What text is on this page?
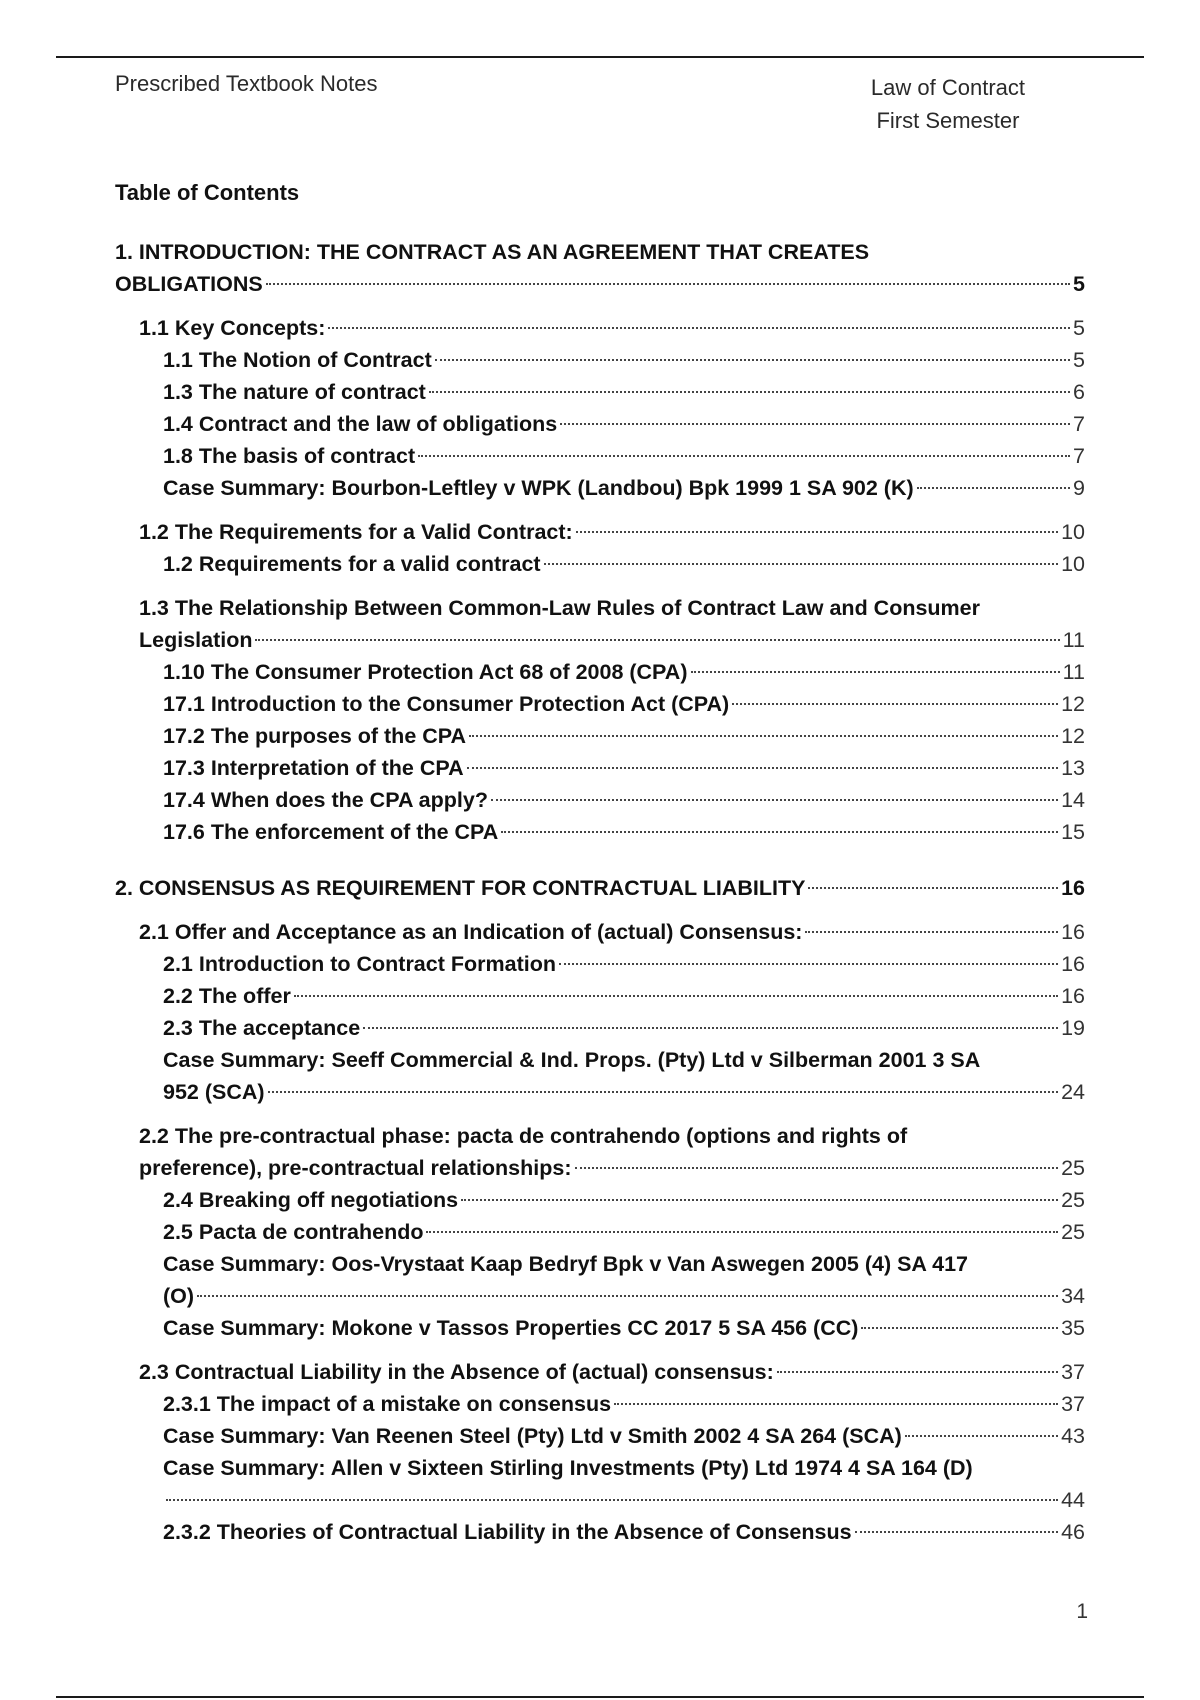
Prescribed Textbook Notes	Law of Contract
First Semester
Table of Contents
1. INTRODUCTION: THE CONTRACT AS AN AGREEMENT THAT CREATES
OBLIGATIONS	5
1.1 Key Concepts:	5
1.1 The Notion of Contract	5
1.3 The nature of contract	6
1.4 Contract and the law of obligations	7
1.8 The basis of contract	7
Case Summary: Bourbon-Leftley v WPK (Landbou) Bpk 1999 1 SA 902 (K)	9
1.2 The Requirements for a Valid Contract:	10
1.2 Requirements for a valid contract	10
1.3 The Relationship Between Common-Law Rules of Contract Law and Consumer
Legislation	11
1.10 The Consumer Protection Act 68 of 2008 (CPA)	11
17.1 Introduction to the Consumer Protection Act (CPA)	12
17.2 The purposes of the CPA	12
17.3 Interpretation of the CPA	13
17.4 When does the CPA apply?	14
17.6 The enforcement of the CPA	15
2. CONSENSUS AS REQUIREMENT FOR CONTRACTUAL LIABILITY	16
2.1 Offer and Acceptance as an Indication of (actual) Consensus:	16
2.1 Introduction to Contract Formation	16
2.2 The offer	16
2.3 The acceptance	19
Case Summary: Seeff Commercial & Ind. Props. (Pty) Ltd v Silberman 2001 3 SA
952 (SCA)	24
2.2 The pre-contractual phase: pacta de contrahendo (options and rights of
preference), pre-contractual relationships:	25
2.4 Breaking off negotiations	25
2.5 Pacta de contrahendo	25
Case Summary: Oos-Vrystaat Kaap Bedryf Bpk v Van Aswegen 2005 (4) SA 417
(O)	34
Case Summary: Mokone v Tassos Properties CC 2017 5 SA 456 (CC)	35
2.3 Contractual Liability in the Absence of (actual) consensus:	37
2.3.1 The impact of a mistake on consensus	37
Case Summary: Van Reenen Steel (Pty) Ltd v Smith 2002 4 SA 264 (SCA)	43
Case Summary: Allen v Sixteen Stirling Investments (Pty) Ltd 1974 4 SA 164 (D)
44
2.3.2 Theories of Contractual Liability in the Absence of Consensus	46
1
